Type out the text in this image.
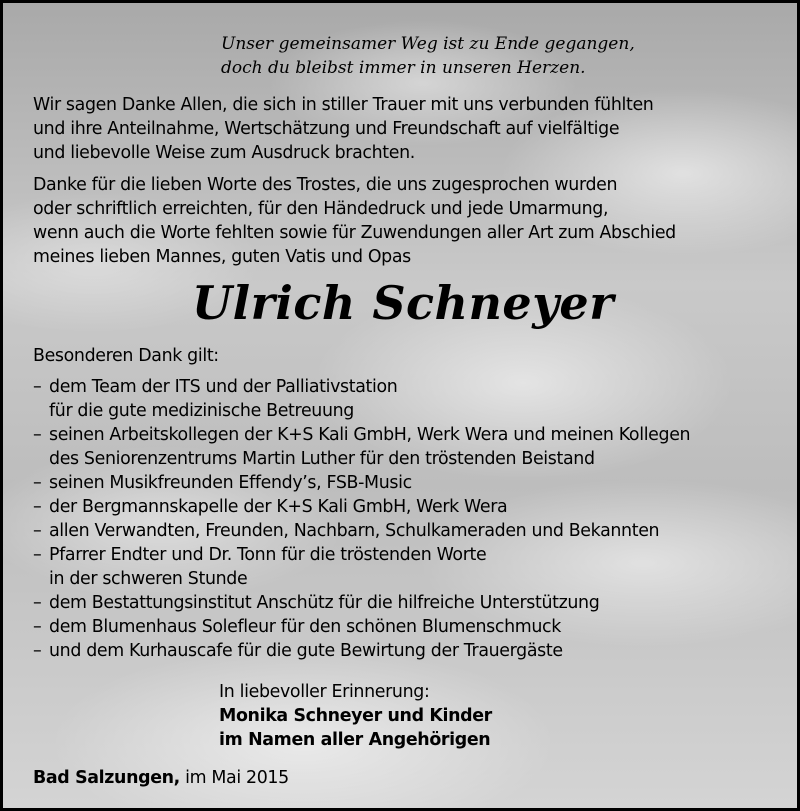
Unser gemeinsamer Weg ist zu Ende gegangen,
doch du bleibst immer in unseren Herzen.
Wir sagen Danke Allen, die sich in stiller Trauer mit uns verbunden fühlten
und ihre Anteilnahme, Wertschätzung und Freundschaft auf vielfältige
und liebevolle Weise zum Ausdruck brachten.
Danke für die lieben Worte des Trostes, die uns zugesprochen wurden
oder schriftlich erreichten, für den Händedruck und jede Umarmung,
wenn auch die Worte fehlten sowie für Zuwendungen aller Art zum Abschied
meines lieben Mannes, guten Vatis und Opas
Ulrich Schneyer
Besonderen Dank gilt:
– dem Team der ITS und der Palliativstation
für die gute medizinische Betreuung
– seinen Arbeitskollegen der K+S Kali GmbH, Werk Wera und meinen Kollegen
des Seniorenzentrums Martin Luther für den tröstenden Beistand
– seinen Musikfreunden Effendy’s, FSB-Music
– der Bergmannskapelle der K+S Kali GmbH, Werk Wera
– allen Verwandten, Freunden, Nachbarn, Schulkameraden und Bekannten
– Pfarrer Endter und Dr. Tonn für die tröstenden Worte
in der schweren Stunde
– dem Bestattungsinstitut Anschütz für die hilfreiche Unterstützung
– dem Blumenhaus Solefleur für den schönen Blumenschmuck
– und dem Kurhauscafe für die gute Bewirtung der Trauergäste
In liebevoller Erinnerung:
Monika Schneyer und Kinder
im Namen aller Angehörigen
Bad Salzungen, im Mai 2015
